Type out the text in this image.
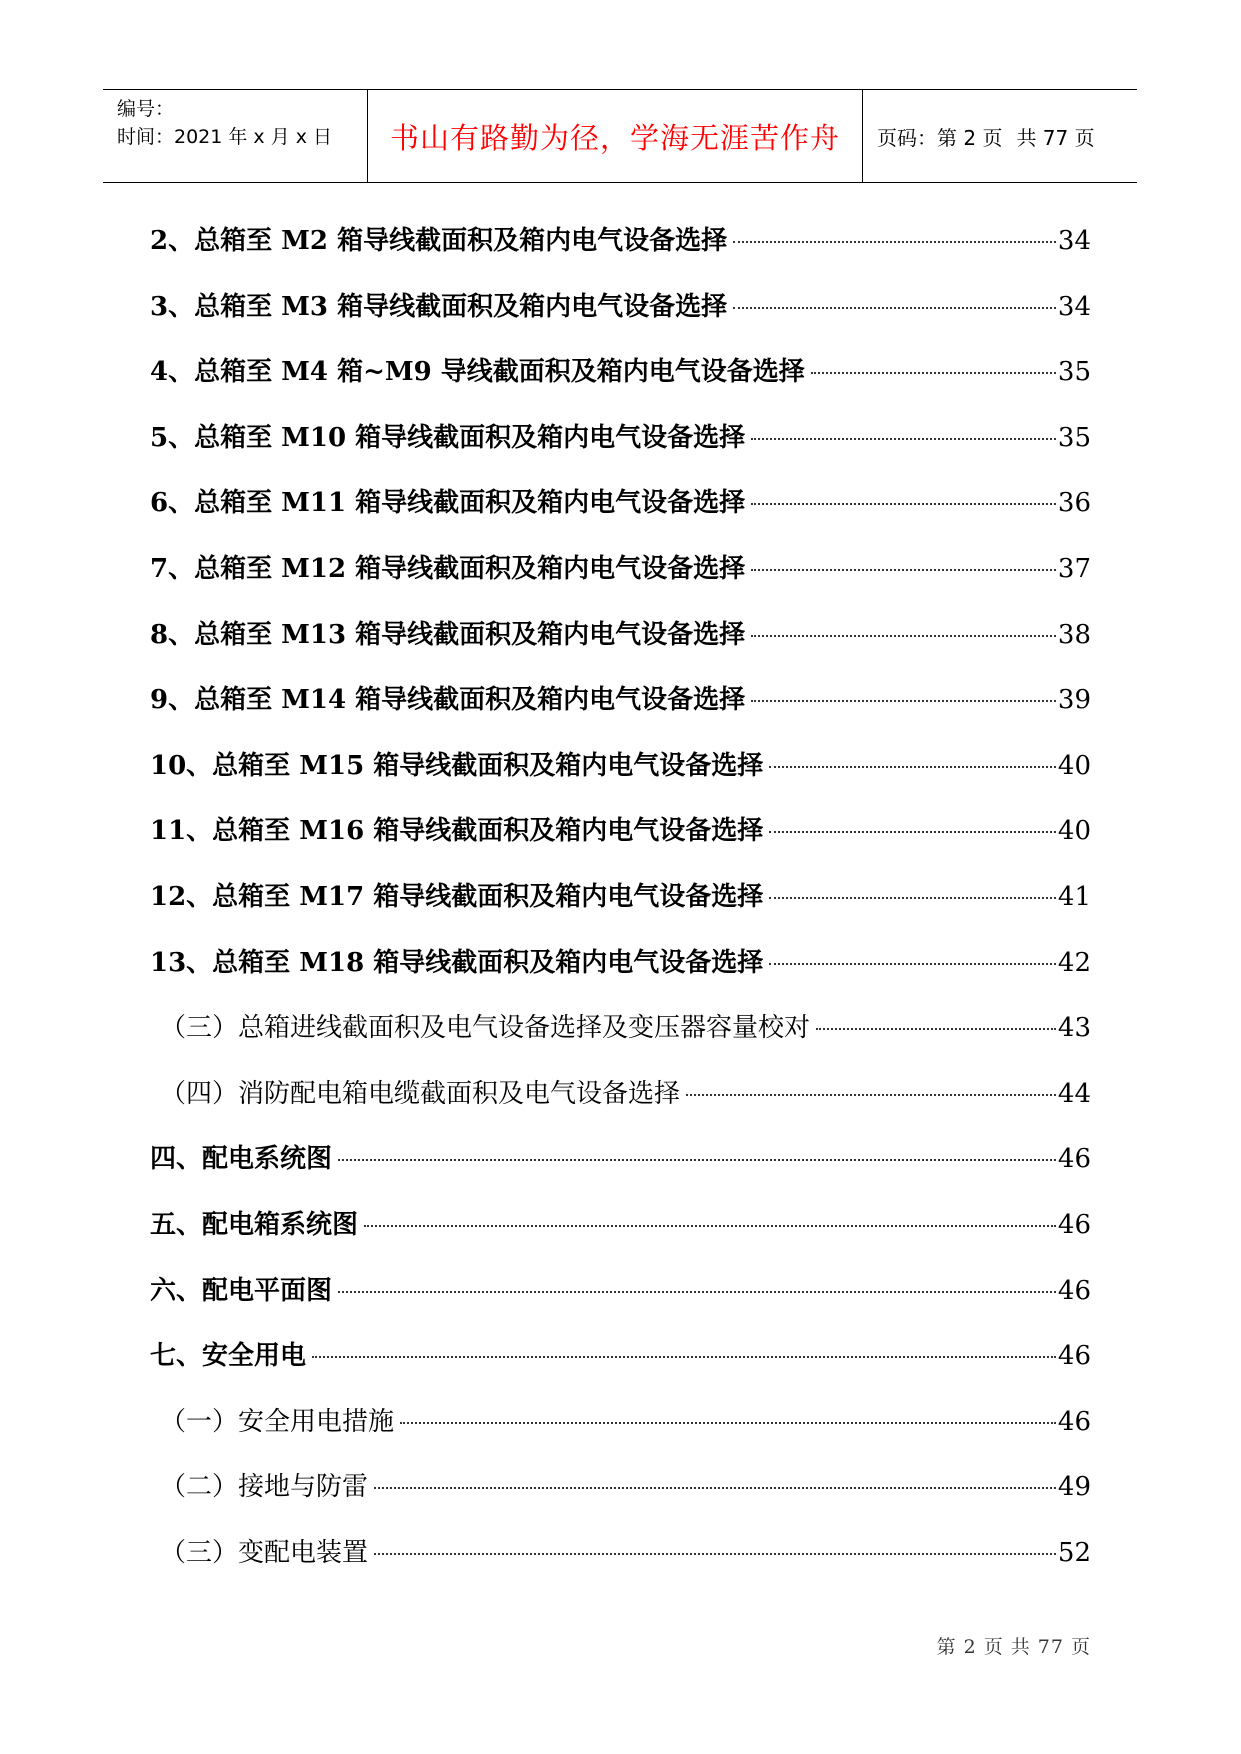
编号：
时间：2021 年 x 月 x 日	书山有路勤为径，学海无涯苦作舟	页码：第 2 页 共 77 页
2、总箱至 M2 箱导线截面积及箱内电气设备选择	34
3、总箱至 M3 箱导线截面积及箱内电气设备选择	34
4、总箱至 M4 箱~M9 导线截面积及箱内电气设备选择	35
5、总箱至 M10 箱导线截面积及箱内电气设备选择	35
6、总箱至 M11 箱导线截面积及箱内电气设备选择	36
7、总箱至 M12 箱导线截面积及箱内电气设备选择	37
8、总箱至 M13 箱导线截面积及箱内电气设备选择	38
9、总箱至 M14 箱导线截面积及箱内电气设备选择	39
10、总箱至 M15 箱导线截面积及箱内电气设备选择	40
11、总箱至 M16 箱导线截面积及箱内电气设备选择	40
12、总箱至 M17 箱导线截面积及箱内电气设备选择	41
13、总箱至 M18 箱导线截面积及箱内电气设备选择	42
（三）总箱进线截面积及电气设备选择及变压器容量校对	43
（四）消防配电箱电缆截面积及电气设备选择	44
四、配电系统图	46
五、配电箱系统图	46
六、配电平面图	46
七、安全用电	46
（一）安全用电措施	46
（二）接地与防雷	49
（三）变配电装置	52
第 2 页 共 77 页
